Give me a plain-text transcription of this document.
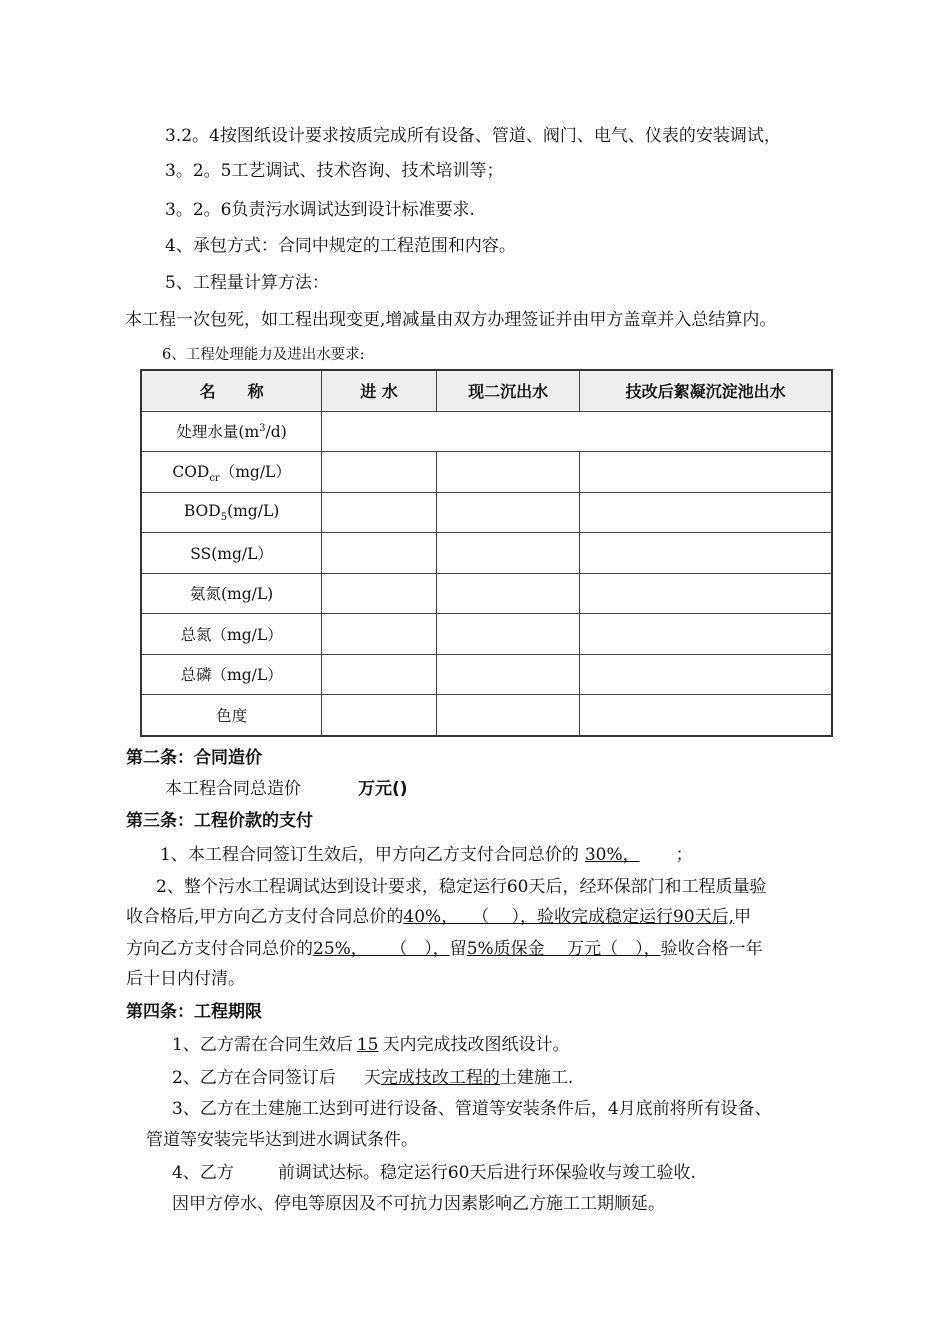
3.2。4按图纸设计要求按质完成所有设备、管道、阀门、电气、仪表的安装调试，
3。2。5工艺调试、技术咨询、技术培训等；
3。2。6负责污水调试达到设计标准要求.
4、承包方式：合同中规定的工程范围和内容。
5、工程量计算方法：
本工程一次包死，如工程出现变更,增减量由双方办理签证并由甲方盖章并入总结算内。
6、工程处理能力及进出水要求:
名　　称	进 水	现二沉出水	技改后絮凝沉淀池出水
处理水量$(m^3/d)$			
$COD_{cr}(mg/L)$			
$BOD_5(mg/L)$			
SS(mg/L）			
氨氮(mg/L)			
总氮（mg/L）			
总磷（mg/L）			
色度			
第二条：合同造价
本工程合同总造价	万元()
第三条：工程价款的支付
1、本工程合同签订生效后，甲方向乙方支付合同总价的 30%， ；
2、整个污水工程调试达到设计要求，稳定运行60天后，经环保部门和工程质量验
收合格后,甲方向乙方支付合同总价的40%，　 （　 ），验收完成稳定运行90天后,甲
方向乙方支付合同总价的25%，　 　（　），留5%质保金　 万元（　），验收合格一年
后十日内付清。
第四条：工程期限
1、乙方需在合同生效后 15 天内完成技改图纸设计。
2、乙方在合同签订后 天完成技改工程的土建施工.
3、乙方在土建施工达到可进行设备、管道等安装条件后，4月底前将所有设备、
管道等安装完毕达到进水调试条件。
4、乙方	前调试达标。稳定运行60天后进行环保验收与竣工验收.
因甲方停水、停电等原因及不可抗力因素影响乙方施工工期顺延。
